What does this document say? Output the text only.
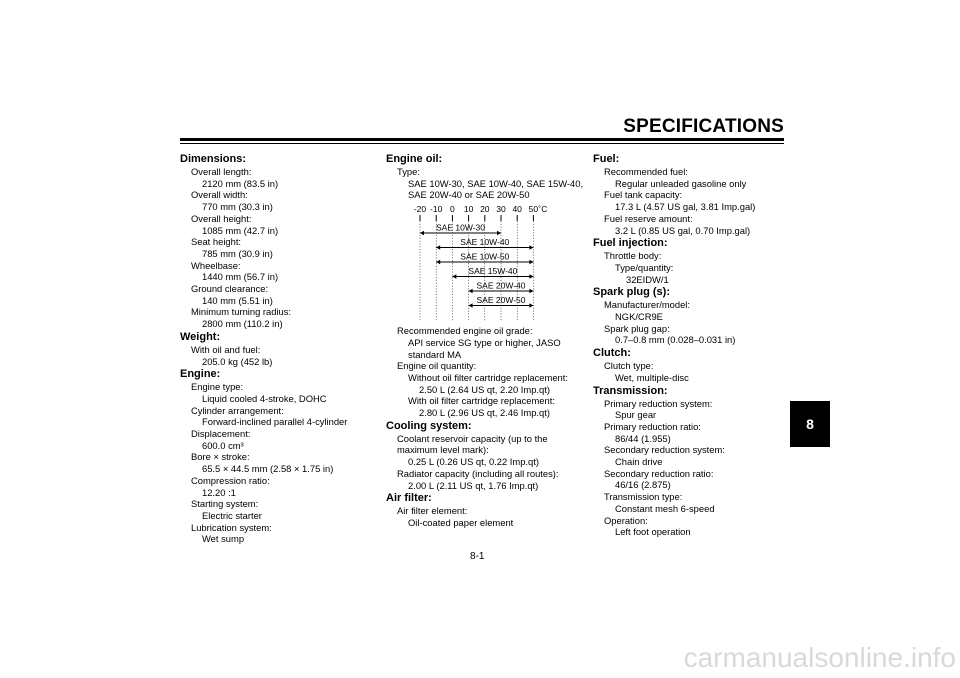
SPECIFICATIONS
Dimensions:
Overall length:
2120 mm (83.5 in)
Overall width:
770 mm (30.3 in)
Overall height:
1085 mm (42.7 in)
Seat height:
785 mm (30.9 in)
Wheelbase:
1440 mm (56.7 in)
Ground clearance:
140 mm (5.51 in)
Minimum turning radius:
2800 mm (110.2 in)
Weight:
With oil and fuel:
205.0 kg (452 lb)
Engine:
Engine type:
Liquid cooled 4-stroke, DOHC
Cylinder arrangement:
Forward-inclined parallel 4-cylinder
Displacement:
600.0 cm³
Bore × stroke:
65.5 × 44.5 mm (2.58 × 1.75 in)
Compression ratio:
12.20 :1
Starting system:
Electric starter
Lubrication system:
Wet sump
Engine oil:
Type:
SAE 10W-30, SAE 10W-40, SAE 15W-40,
SAE 20W-40 or SAE 20W-50
-20 -10 0 10 20 30 40 50 ˚C
SAE 10W-30
SAE 10W-40
SAE 10W-50
SAE 15W-40
SAE 20W-40
SAE 20W-50
Recommended engine oil grade:
API service SG type or higher, JASO
standard MA
Engine oil quantity:
Without oil filter cartridge replacement:
2.50 L (2.64 US qt, 2.20 Imp.qt)
With oil filter cartridge replacement:
2.80 L (2.96 US qt, 2.46 Imp.qt)
Cooling system:
Coolant reservoir capacity (up to the
maximum level mark):
0.25 L (0.26 US qt, 0.22 Imp.qt)
Radiator capacity (including all routes):
2.00 L (2.11 US qt, 1.76 Imp.qt)
Air filter:
Air filter element:
Oil-coated paper element
Fuel:
Recommended fuel:
Regular unleaded gasoline only
Fuel tank capacity:
17.3 L (4.57 US gal, 3.81 Imp.gal)
Fuel reserve amount:
3.2 L (0.85 US gal, 0.70 Imp.gal)
Fuel injection:
Throttle body:
Type/quantity:
32EIDW/1
Spark plug (s):
Manufacturer/model:
NGK/CR9E
Spark plug gap:
0.7–0.8 mm (0.028–0.031 in)
Clutch:
Clutch type:
Wet, multiple-disc
Transmission:
Primary reduction system:
Spur gear
Primary reduction ratio:
86/44 (1.955)
Secondary reduction system:
Chain drive
Secondary reduction ratio:
46/16 (2.875)
Transmission type:
Constant mesh 6-speed
Operation:
Left foot operation
8
8-1
carmanualsonline.info
